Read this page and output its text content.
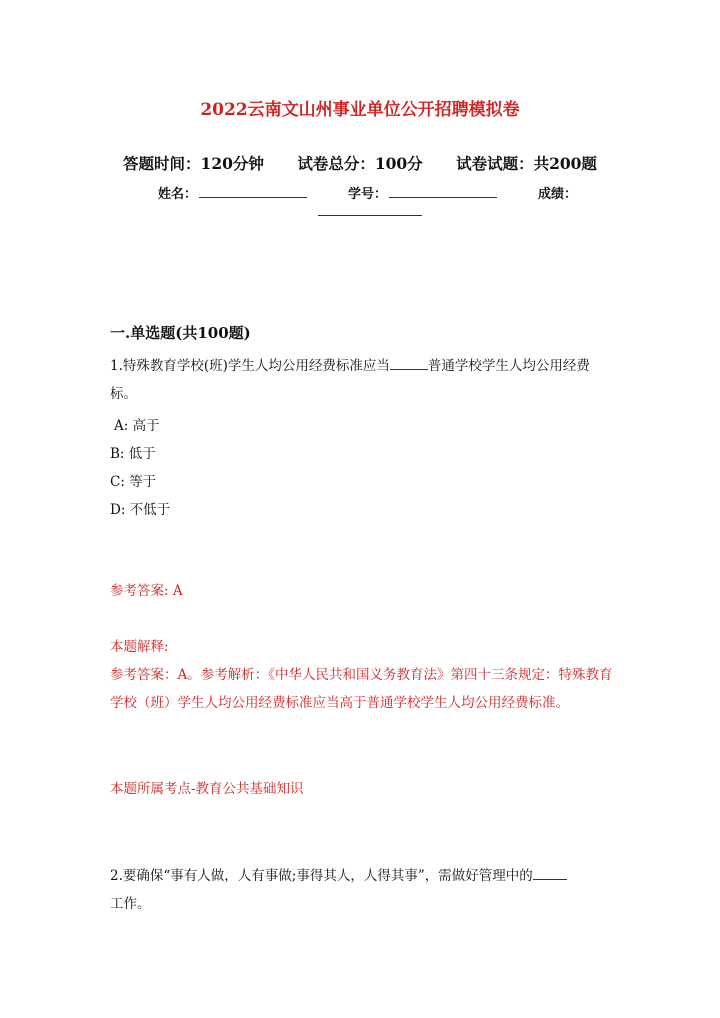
2022云南文山州事业单位公开招聘模拟卷
答题时间：120分钟 试卷总分：100分 试卷试题：共200题
姓名：	学号：	成绩：
一.单选题(共100题)
1.特殊教育学校(班)学生人均公用经费标准应当	普通学校学生人均公用经费标。
A: 高于
B: 低于
C: 等于
D: 不低于
参考答案: A
本题解释:
参考答案：A。参考解析：《中华人民共和国义务教育法》第四十三条规定：特殊教育学校（班）学生人均公用经费标准应当高于普通学校学生人均公用经费标准。
本题所属考点-教育公共基础知识
2.要确保“事有人做，人有事做;事得其人，人得其事”，需做好管理中的
工作。
